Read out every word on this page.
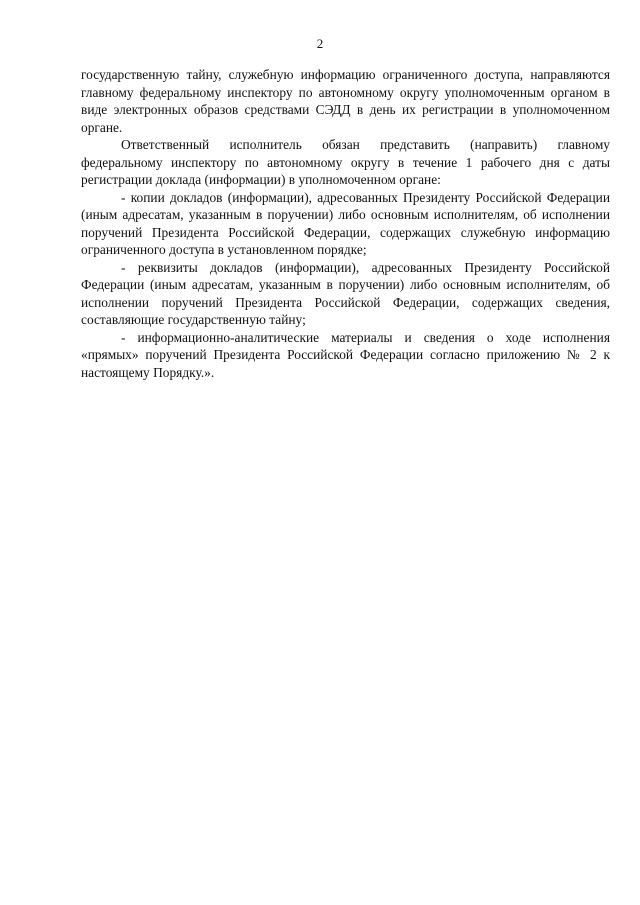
2

государственную тайну, служебную информацию ограниченного доступа, направляются главному федеральному инспектору по автономному округу уполномоченным органом в виде электронных образов средствами СЭДД в день их регистрации в уполномоченном органе.

Ответственный исполнитель обязан представить (направить) главному федеральному инспектору по автономному округу в течение 1 рабочего дня с даты регистрации доклада (информации) в уполномоченном органе:

- копии докладов (информации), адресованных Президенту Российской Федерации (иным адресатам, указанным в поручении) либо основным исполнителям, об исполнении поручений Президента Российской Федерации, содержащих служебную информацию ограниченного доступа в установленном порядке;

- реквизиты докладов (информации), адресованных Президенту Российской Федерации (иным адресатам, указанным в поручении) либо основным исполнителям, об исполнении поручений Президента Российской Федерации, содержащих сведения, составляющие государственную тайну;

- информационно-аналитические материалы и сведения о ходе исполнения «прямых» поручений Президента Российской Федерации согласно приложению № 2 к настоящему Порядку.».
